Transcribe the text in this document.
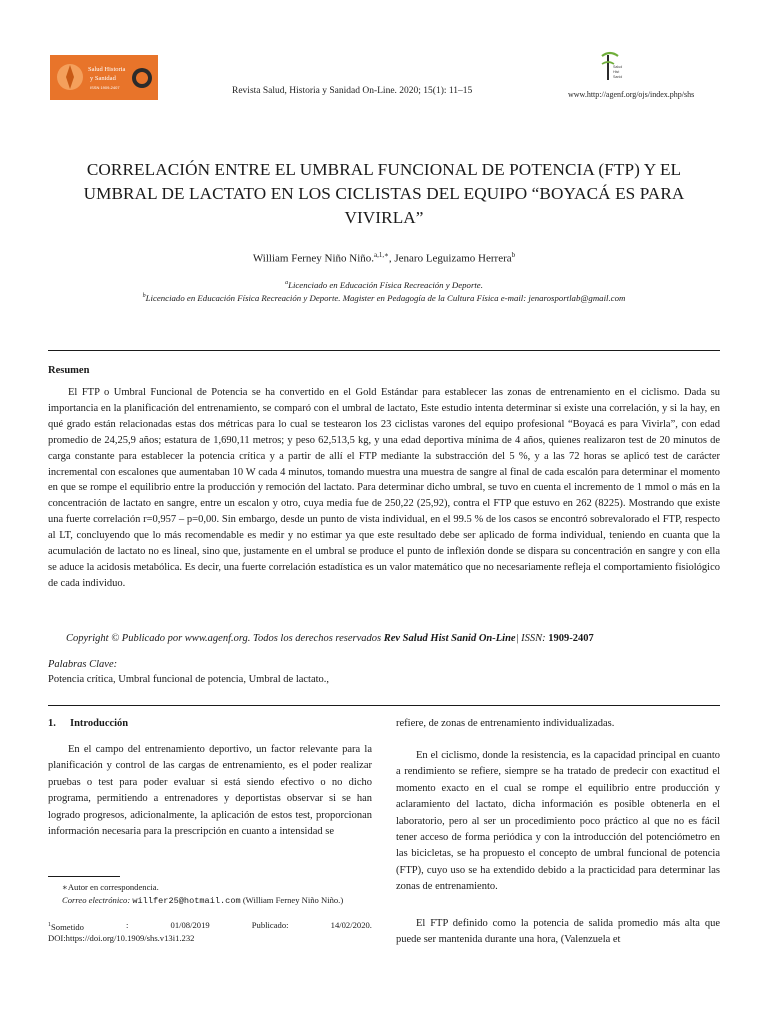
Salud Historia
y Sanidad
ISSN 1909-2407	Revista Salud, Historia y Sanidad On-Line. 2020; 15(1): 11–15
Salud
Hist
Sanid
www.http://agenf.org/ojs/index.php/shs
CORRELACIÓN ENTRE EL UMBRAL FUNCIONAL DE POTENCIA (FTP) Y EL UMBRAL DE LACTATO EN LOS CICLISTAS DEL EQUIPO “BOYACÁ ES PARA VIVIRLA”
William Ferney Niño Niño.$^{a,1,∗}$, Jenaro Leguizamo Herrera$^b$
$^a$Licenciado en Educación Física Recreación y Deporte.
$^b$Licenciado en Educación Física Recreación y Deporte. Magister en Pedagogía de la Cultura Física e-mail: jenarosportlab@gmail.com
Resumen

El FTP o Umbral Funcional de Potencia se ha convertido en el Gold Estándar para establecer las zonas de entrenamiento en el ciclismo. Dada su importancia en la planificación del entrenamiento, se comparó con el umbral de lactato, Este estudio intenta determinar si existe una correlación, y si la hay, en qué grado están relacionadas estas dos métricas para lo cual se testearon los 23 ciclistas varones del equipo profesional “Boyacá es para Vivirla”, con edad promedio de 24,25,9 años; estatura de 1,690,11 metros; y peso 62,513,5 kg, y una edad deportiva mínima de 4 años, quienes realizaron test de 20 minutos de carga constante para establecer la potencia crítica y a partir de allí el FTP mediante la substracción del 5 %, y a las 72 horas se aplicó test de carácter incremental con escalones que aumentaban 10 W cada 4 minutos, tomando muestra una muestra de sangre al final de cada escalón para determinar el momento en que se rompe el equilibrio entre la producción y remoción del lactato. Para determinar dicho umbral, se tuvo en cuenta el incremento de 1 mmol o más en la concentración de lactato en sangre, entre un escalon y otro, cuya media fue de 250,22 (25,92), contra el FTP que estuvo en 262 (8225). Mostrando que existe una fuerte correlación r=0,957 – p=0,00. Sin embargo, desde un punto de vista individual, en el 99.5 % de los casos se encontró sobrevalorado el FTP, respecto al LT, concluyendo que lo más recomendable es medir y no estimar ya que este resultado debe ser aplicado de forma individual, teniendo en cuanta que la acumulación de lactato no es lineal, sino que, justamente en el umbral se produce el punto de inflexión donde se dispara su concentración en sangre y con ella se aduce la acidosis metabólica. Es decir, una fuerte correlación estadística es un valor matemático que no necesariamente refleja el comportamiento fisiológico de cada individuo.

Copyright © Publicado por www.agenf.org. Todos los derechos reservados Rev Salud Hist Sanid On-Line| ISSN: 1909-2407
Palabras Clave:
Potencia crítica, Umbral funcional de potencia, Umbral de lactato.,
1. Introducción

En el campo del entrenamiento deportivo, un factor relevante para la planificación y control de las cargas de entrenamiento, es el poder realizar pruebas o test para poder evaluar si está siendo efectivo o no dicho programa, permitiendo a entrenadores y deportistas observar si se han logrado progresos, adicionalmente, la aplicación de estos test, proporcionan información necesaria para la prescripción en cuanto a intensidad se

∗Autor en correspondencia.
Correo electrónico: willfer25@hotmail.com (William Ferney Niño Niño.)
$^1$Sometido	:	01/08/2019	Publicado:	14/02/2020.
DOI:https://doi.org/10.1909/shs.v13i1.232

refiere, de zonas de entrenamiento individualizadas.

En el ciclismo, donde la resistencia, es la capacidad principal en cuanto a rendimiento se refiere, siempre se ha tratado de predecir con exactitud el momento exacto en el cual se rompe el equilibrio entre producción y aclaramiento del lactato, dicha información es posible obtenerla en el laboratorio, pero al ser un procedimiento poco práctico al que no es fácil tener acceso de forma periódica y con la introducción del potenciómetro en las bicicletas, se ha propuesto el concepto de umbral funcional de potencia (FTP), cuyo uso se ha extendido debido a la practicidad para determinar las zonas de entrenamiento.

El FTP definido como la potencia de salida promedio más alta que puede ser mantenida durante una hora, (Valenzuela et
